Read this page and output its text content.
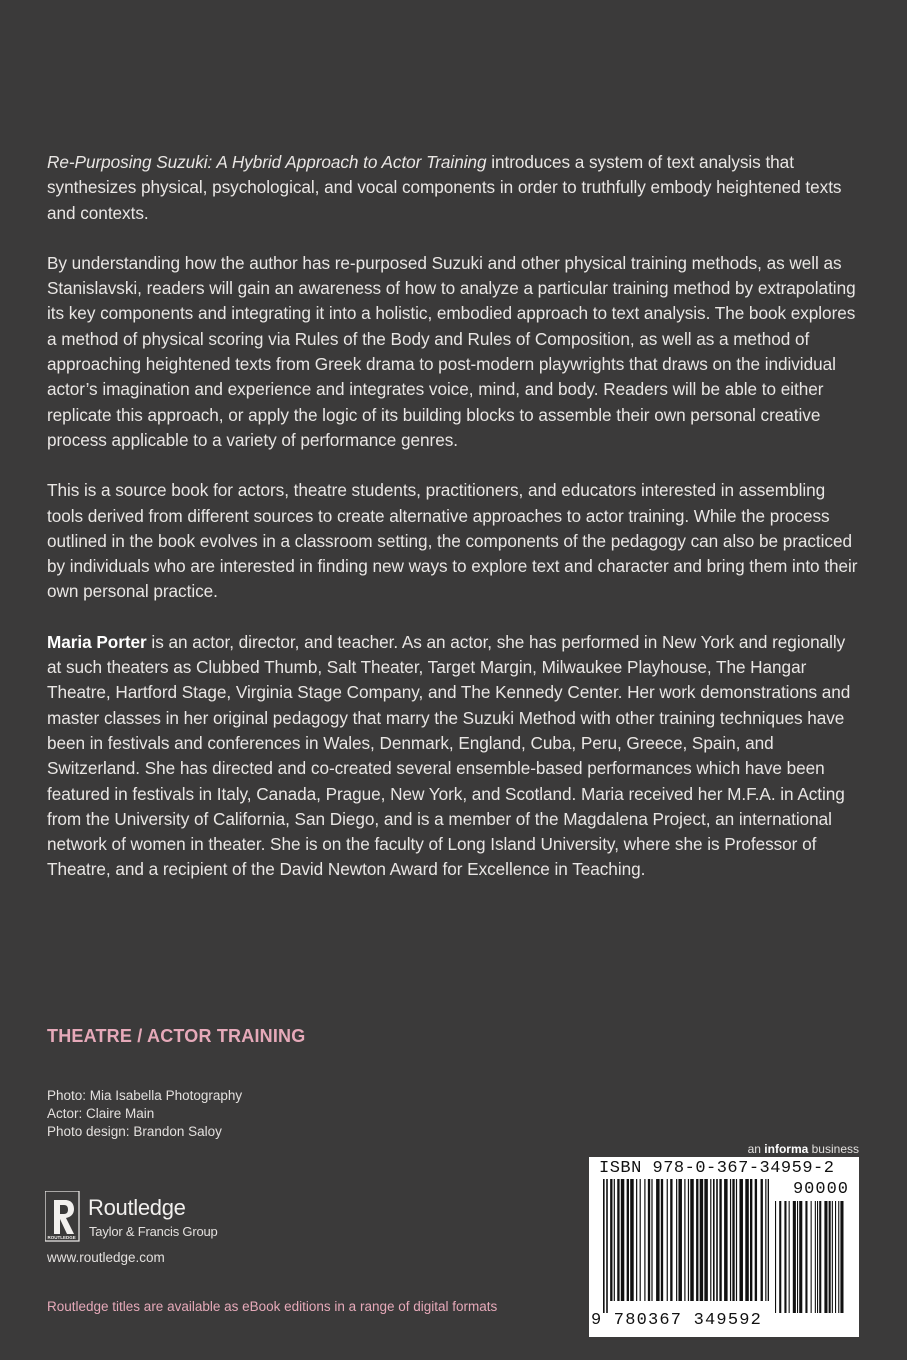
Re-Purposing Suzuki: A Hybrid Approach to Actor Training introduces a system of text analysis that synthesizes physical, psychological, and vocal components in order to truthfully embody heightened texts and contexts.

By understanding how the author has re-purposed Suzuki and other physical training methods, as well as Stanislavski, readers will gain an awareness of how to analyze a particular training method by extrapolating its key components and integrating it into a holistic, embodied approach to text analysis. The book explores a method of physical scoring via Rules of the Body and Rules of Composition, as well as a method of approaching heightened texts from Greek drama to post-modern playwrights that draws on the individual actor’s imagination and experience and integrates voice, mind, and body. Readers will be able to either replicate this approach, or apply the logic of its building blocks to assemble their own personal creative process applicable to a variety of performance genres.

This is a source book for actors, theatre students, practitioners, and educators interested in assembling tools derived from different sources to create alternative approaches to actor training. While the process outlined in the book evolves in a classroom setting, the components of the pedagogy can also be practiced by individuals who are interested in finding new ways to explore text and character and bring them into their own personal practice.

Maria Porter is an actor, director, and teacher. As an actor, she has performed in New York and regionally at such theaters as Clubbed Thumb, Salt Theater, Target Margin, Milwaukee Playhouse, The Hangar Theatre, Hartford Stage, Virginia Stage Company, and The Kennedy Center. Her work demonstrations and master classes in her original pedagogy that marry the Suzuki Method with other training techniques have been in festivals and conferences in Wales, Denmark, England, Cuba, Peru, Greece, Spain, and Switzerland. She has directed and co-created several ensemble-based performances which have been featured in festivals in Italy, Canada, Prague, New York, and Scotland. Maria received her M.F.A. in Acting from the University of California, San Diego, and is a member of the Magdalena Project, an international network of women in theater. She is on the faculty of Long Island University, where she is Professor of Theatre, and a recipient of the David Newton Award for Excellence in Teaching.

THEATRE / ACTOR TRAINING
Photo: Mia Isabella Photography
Actor: Claire Main
Photo design: Brandon Saloy
ROUTLEDGE
Routledge
Taylor & Francis Group
www.routledge.com
Routledge titles are available as eBook editions in a range of digital formats
an informa business
ISBN 978-0-367-34959-2
90000
9 780367 349592
